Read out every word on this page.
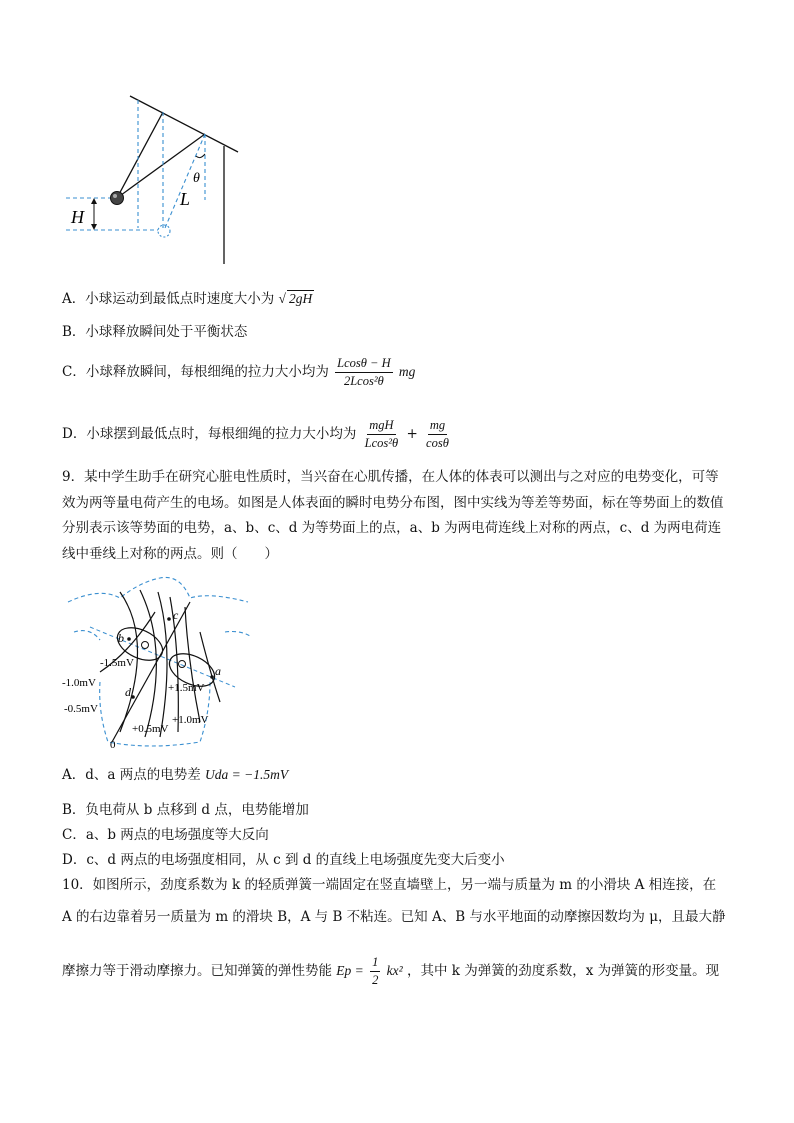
H
L
θ
A．小球运动到最低点时速度大小为 √ 2gH
B．小球释放瞬间处于平衡状态
C．小球释放瞬间，每根细绳的拉力大小均为 $\frac{Lcos\theta - H}{\text{2Lcos²θ}}$ mg
D．小球摆到最低点时，每根细绳的拉力大小均为 $\frac{\text{mgH}}{\text{Lcos²θ}} + \frac{mg}{\cos\theta}$
9．某中学生助手在研究心脏电性质时，当兴奋在心肌传播，在人体的体表可以测出与之对应的电势变化，可等效为两等量电荷产生的电场。如图是人体表面的瞬时电势分布图，图中实线为等差等势面，标在等势面上的数值分别表示该等势面的电势，a、b、c、d 为等势面上的点，a、b 为两电荷连线上对称的两点，c、d 为两电荷连线中垂线上对称的两点。则（　　）
c
b
a
d
-1.5mV
-1.0mV
-0.5mV
+1.5mV
+1.0mV
+0.5mV
0
A．d、a 两点的电势差 Uda = −1.5mV
B．负电荷从 b 点移到 d 点，电势能增加
C．a、b 两点的电场强度等大反向
D．c、d 两点的电场强度相同，从 c 到 d 的直线上电场强度先变大后变小
10．如图所示，劲度系数为 k 的轻质弹簧一端固定在竖直墙壁上，另一端与质量为 m 的小滑块 A 相连接，在
A 的右边靠着另一质量为 m 的滑块 B，A 与 B 不粘连。已知 A、B 与水平地面的动摩擦因数均为 μ，且最大静
摩擦力等于滑动摩擦力。已知弹簧的弹性势能 $Ep = \frac{1}{2} kx^2$ ，其中 k 为弹簧的劲度系数，x 为弹簧的形变量。现
